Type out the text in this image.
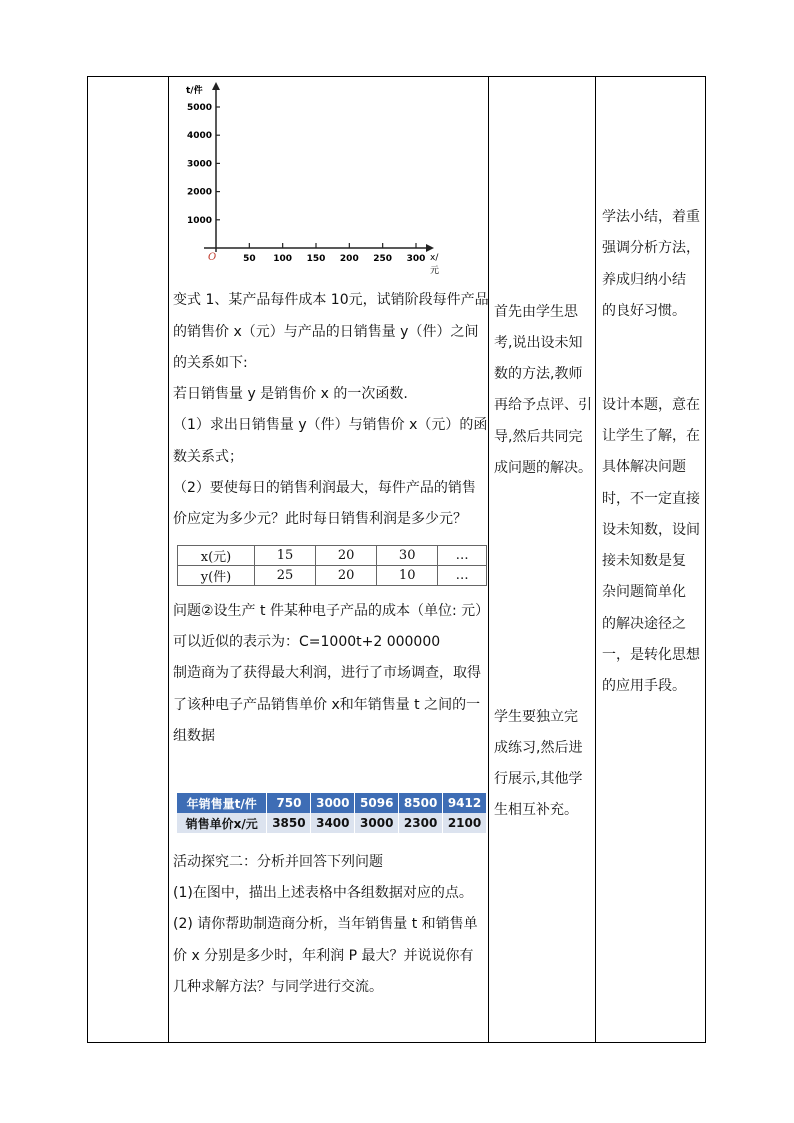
t/件
x/
元
O
5000
4000
3000
2000
1000
50 100 150 200 250 300
变式 1、某产品每件成本 10元，试销阶段每件产品
的销售价 x（元）与产品的日销售量 y（件）之间
的关系如下:
若日销售量 y 是销售价 x 的一次函数.
（1）求出日销售量 y（件）与销售价 x（元）的函
数关系式；
（2）要使每日的销售利润最大，每件产品的销售
价应定为多少元？此时每日销售利润是多少元？
x(元)	15	20	30	…
y(件)	25	20	10	…
问题②设生产 t 件某种电子产品的成本（单位: 元）
可以近似的表示为：C=1000t+2 000000
制造商为了获得最大利润，进行了市场调查，取得
了该种电子产品销售单价 x和年销售量 t 之间的一
组数据
年销售量t/件	750	3000	5096	8500	9412
销售单价x/元	3850	3400	3000	2300	2100
活动探究二：分析并回答下列问题
(1)在图中，描出上述表格中各组数据对应的点。
(2) 请你帮助制造商分析，当年销售量 t 和销售单
价 x 分别是多少时，年利润 P 最大？并说说你有
几种求解方法？与同学进行交流。
首先由学生思
考,说出设未知
数的方法,教师
再给予点评、引
导,然后共同完
成问题的解决。
学生要独立完
成练习,然后进
行展示,其他学
生相互补充。
学法小结，着重
强调分析方法，
养成归纳小结
的良好习惯。
设计本题，意在
让学生了解，在
具体解决问题
时，不一定直接
设未知数，设间
接未知数是复
杂问题简单化
的解决途径之
一，是转化思想
的应用手段。
